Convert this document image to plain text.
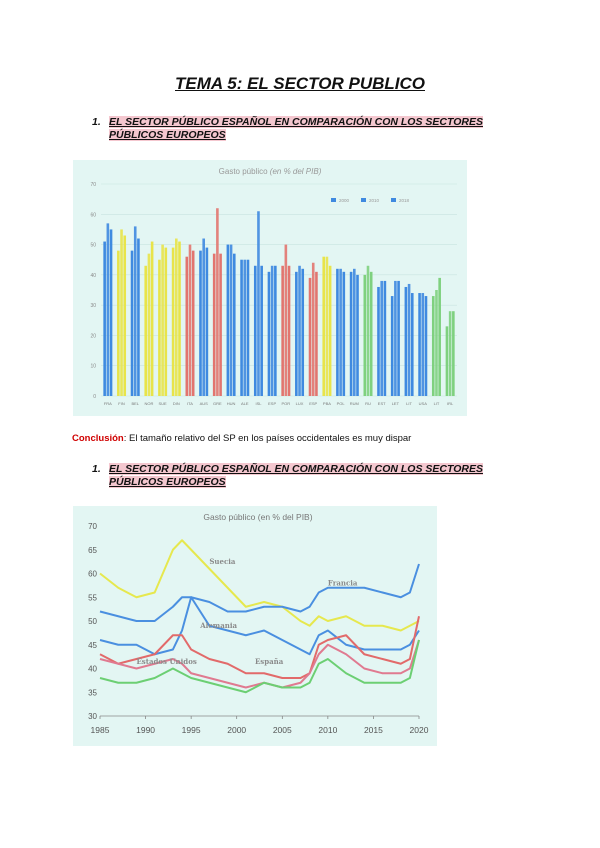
TEMA 5: EL SECTOR PUBLICO
1. EL SECTOR PÚBLICO ESPAÑOL EN COMPARACIÓN CON LOS SECTORES PÚBLICOS EUROPEOS
0
10
20
30
40
50
60
70
Gasto público (en % del PIB)
2000	2010	2018
FRA FIN BEL NOR SUE DIN ITA AUS GRE HUN ALE ISL ESP POR LUX ESP PBA POL RUM RU EST LET LIT USA LIT IRL
Conclusión: El tamaño relativo del SP en los países occidentales es muy dispar
1. EL SECTOR PÚBLICO ESPAÑOL EN COMPARACIÓN CON LOS SECTORES PÚBLICOS EUROPEOS
Gasto público (en % del PIB)
30
35
40
45
50
55
60
65
70
1985	1990	1995	2000	2005	2010	2015	2020
Suecia
Francia
Alemania
Estados Unidos	España
